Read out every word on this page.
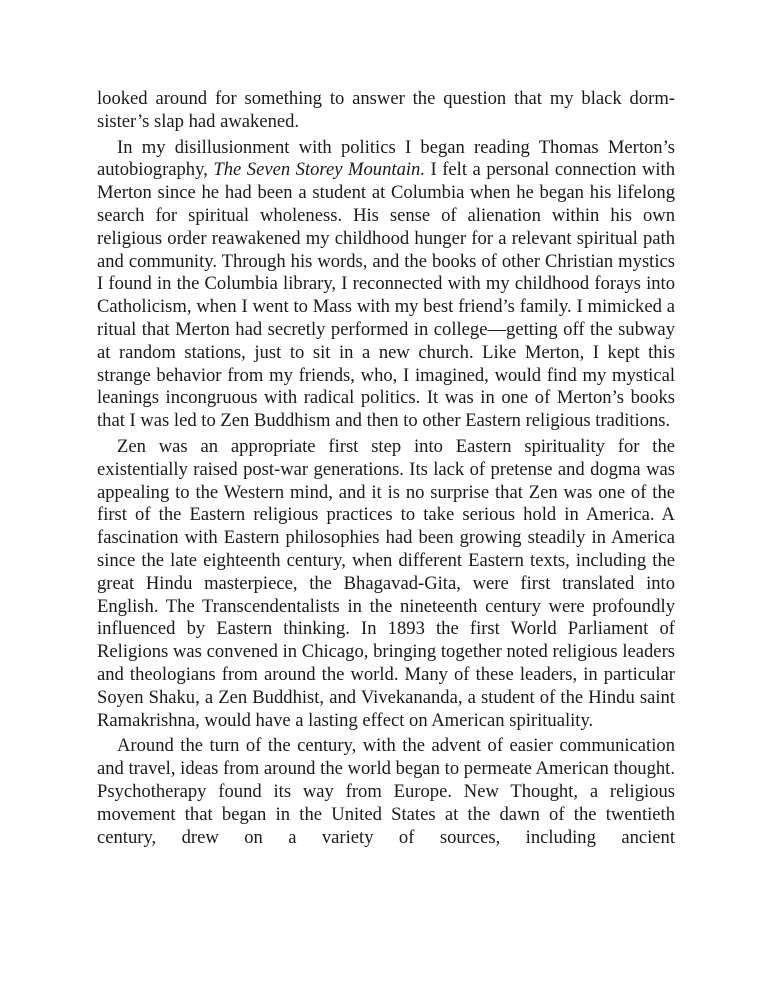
looked around for something to answer the question that my black dorm-sister’s slap had awakened.

In my disillusionment with politics I began reading Thomas Merton’s autobiography, The Seven Storey Mountain. I felt a personal connection with Merton since he had been a student at Columbia when he began his lifelong search for spiritual wholeness. His sense of alienation within his own religious order reawakened my childhood hunger for a relevant spiritual path and community. Through his words, and the books of other Christian mystics I found in the Columbia library, I reconnected with my childhood forays into Catholicism, when I went to Mass with my best friend’s family. I mimicked a ritual that Merton had secretly performed in college—getting off the subway at random stations, just to sit in a new church. Like Merton, I kept this strange behavior from my friends, who, I imagined, would find my mystical leanings incongruous with radical politics. It was in one of Merton’s books that I was led to Zen Buddhism and then to other Eastern religious traditions.

Zen was an appropriate first step into Eastern spirituality for the existentially raised post-war generations. Its lack of pretense and dogma was appealing to the Western mind, and it is no surprise that Zen was one of the first of the Eastern religious practices to take serious hold in America. A fascination with Eastern philosophies had been growing steadily in America since the late eighteenth century, when different Eastern texts, including the great Hindu masterpiece, the Bhagavad-Gita, were first translated into English. The Transcendentalists in the nineteenth century were profoundly influenced by Eastern thinking. In 1893 the first World Parliament of Religions was convened in Chicago, bringing together noted religious leaders and theologians from around the world. Many of these leaders, in particular Soyen Shaku, a Zen Buddhist, and Vivekananda, a student of the Hindu saint Ramakrishna, would have a lasting effect on American spirituality.

Around the turn of the century, with the advent of easier communication and travel, ideas from around the world began to permeate American thought. Psychotherapy found its way from Europe. New Thought, a religious movement that began in the United States at the dawn of the twentieth century, drew on a variety of sources, including ancient
